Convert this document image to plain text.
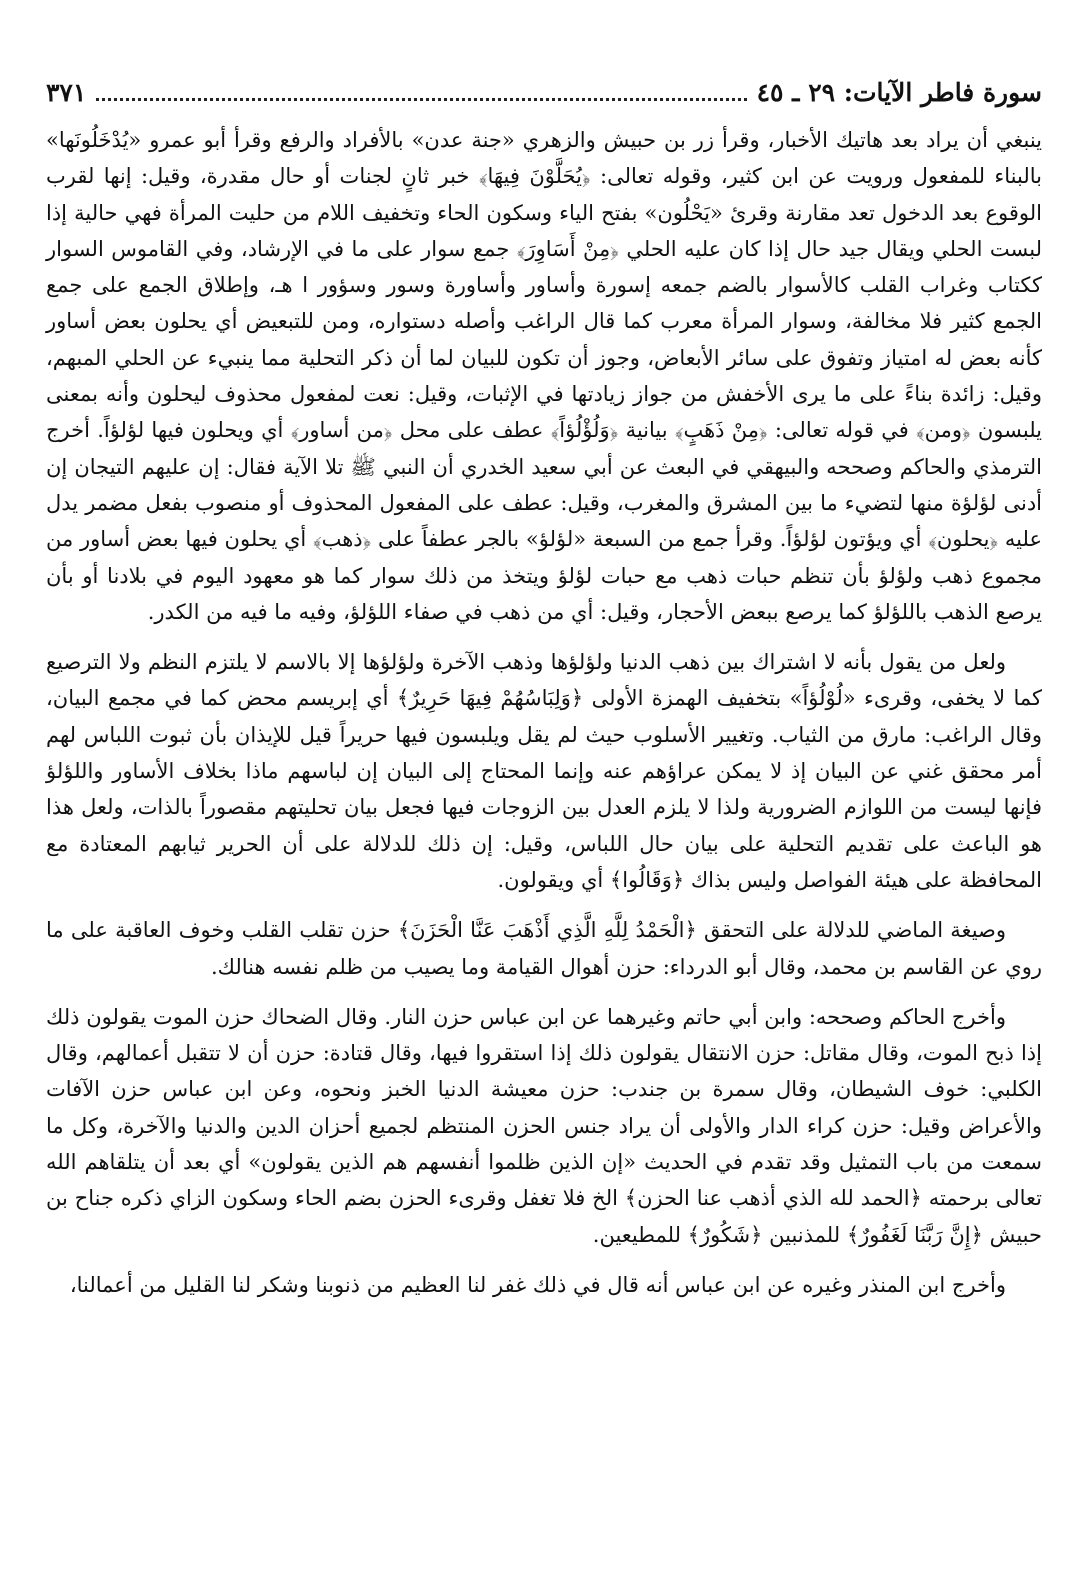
سورة فاطر الآيات: ٢٩ ـ ٤٥
٣٧١

ينبغي أن يراد بعد هاتيك الأخبار، وقرأ زر بن حبيش والزهري «جنة عدن» بالأفراد والرفع وقرأ أبو عمرو «يُدْخَلُونَها» بالبناء للمفعول ورويت عن ابن كثير، وقوله تعالى: ﴿يُحَلَّوْنَ فِيهَا﴾ خبر ثانٍ لجنات أو حال مقدرة، وقيل: إنها لقرب الوقوع بعد الدخول تعد مقارنة وقرئ «يَحْلُون» بفتح الياء وسكون الحاء وتخفيف اللام من حليت المرأة فهي حالية إذا لبست الحلي ويقال جيد حال إذا كان عليه الحلي ﴿مِنْ أَسَاوِرَ﴾ جمع سوار على ما في الإرشاد، وفي القاموس السوار ككتاب وغراب القلب كالأسوار بالضم جمعه إسورة وأساور وأساورة وسور وسؤور ا هـ، وإطلاق الجمع على جمع الجمع كثير فلا مخالفة، وسوار المرأة معرب كما قال الراغب وأصله دستواره، ومن للتبعيض أي يحلون بعض أساور كأنه بعض له امتياز وتفوق على سائر الأبعاض، وجوز أن تكون للبيان لما أن ذكر التحلية مما ينبيء عن الحلي المبهم، وقيل: زائدة بناءً على ما يرى الأخفش من جواز زيادتها في الإثبات، وقيل: نعت لمفعول محذوف ليحلون وأنه بمعنى يلبسون ﴿ومن﴾ في قوله تعالى: ﴿مِنْ ذَهَبٍ﴾ بيانية ﴿وَلُؤْلُؤاً﴾ عطف على محل ﴿من أساور﴾ أي ويحلون فيها لؤلؤاً. أخرج الترمذي والحاكم وصححه والبيهقي في البعث عن أبي سعيد الخدري أن النبي ﷺ تلا الآية فقال: إن عليهم التيجان إن أدنى لؤلؤة منها لتضيء ما بين المشرق والمغرب، وقيل: عطف على المفعول المحذوف أو منصوب بفعل مضمر يدل عليه ﴿يحلون﴾ أي ويؤتون لؤلؤاً. وقرأ جمع من السبعة «لؤلؤ» بالجر عطفاً على ﴿ذهب﴾ أي يحلون فيها بعض أساور من مجموع ذهب ولؤلؤ بأن تنظم حبات ذهب مع حبات لؤلؤ ويتخذ من ذلك سوار كما هو معهود اليوم في بلادنا أو بأن يرصع الذهب باللؤلؤ كما يرصع ببعض الأحجار، وقيل: أي من ذهب في صفاء اللؤلؤ، وفيه ما فيه من الكدر.

ولعل من يقول بأنه لا اشتراك بين ذهب الدنيا ولؤلؤها وذهب الآخرة ولؤلؤها إلا بالاسم لا يلتزم النظم ولا الترصيع كما لا يخفى، وقرىء «لُوْلُؤاً» بتخفيف الهمزة الأولى ﴿وَلِبَاسُهُمْ فِيهَا حَرِيرٌ﴾ أي إبريسم محض كما في مجمع البيان، وقال الراغب: مارق من الثياب. وتغيير الأسلوب حيث لم يقل ويلبسون فيها حريراً قيل للإيذان بأن ثبوت اللباس لهم أمر محقق غني عن البيان إذ لا يمكن عراؤهم عنه وإنما المحتاج إلى البيان إن لباسهم ماذا بخلاف الأساور واللؤلؤ فإنها ليست من اللوازم الضرورية ولذا لا يلزم العدل بين الزوجات فيها فجعل بيان تحليتهم مقصوراً بالذات، ولعل هذا هو الباعث على تقديم التحلية على بيان حال اللباس، وقيل: إن ذلك للدلالة على أن الحرير ثيابهم المعتادة مع المحافظة على هيئة الفواصل وليس بذاك ﴿وَقَالُوا﴾ أي ويقولون.

وصيغة الماضي للدلالة على التحقق ﴿الْحَمْدُ لِلَّهِ الَّذِي أَذْهَبَ عَنَّا الْحَزَنَ﴾ حزن تقلب القلب وخوف العاقبة على ما روي عن القاسم بن محمد، وقال أبو الدرداء: حزن أهوال القيامة وما يصيب من ظلم نفسه هنالك.

وأخرج الحاكم وصححه: وابن أبي حاتم وغيرهما عن ابن عباس حزن النار. وقال الضحاك حزن الموت يقولون ذلك إذا ذبح الموت، وقال مقاتل: حزن الانتقال يقولون ذلك إذا استقروا فيها، وقال قتادة: حزن أن لا تتقبل أعمالهم، وقال الكلبي: خوف الشيطان، وقال سمرة بن جندب: حزن معيشة الدنيا الخبز ونحوه، وعن ابن عباس حزن الآفات والأعراض وقيل: حزن كراء الدار والأولى أن يراد جنس الحزن المنتظم لجميع أحزان الدين والدنيا والآخرة، وكل ما سمعت من باب التمثيل وقد تقدم في الحديث «إن الذين ظلموا أنفسهم هم الذين يقولون» أي بعد أن يتلقاهم الله تعالى برحمته ﴿الحمد لله الذي أذهب عنا الحزن﴾ الخ فلا تغفل وقرىء الحزن بضم الحاء وسكون الزاي ذكره جناح بن حبيش ﴿إِنَّ رَبَّنَا لَغَفُورٌ﴾ للمذنبين ﴿شَكُورٌ﴾ للمطيعين.

وأخرج ابن المنذر وغيره عن ابن عباس أنه قال في ذلك غفر لنا العظيم من ذنوبنا وشكر لنا القليل من أعمالنا،
